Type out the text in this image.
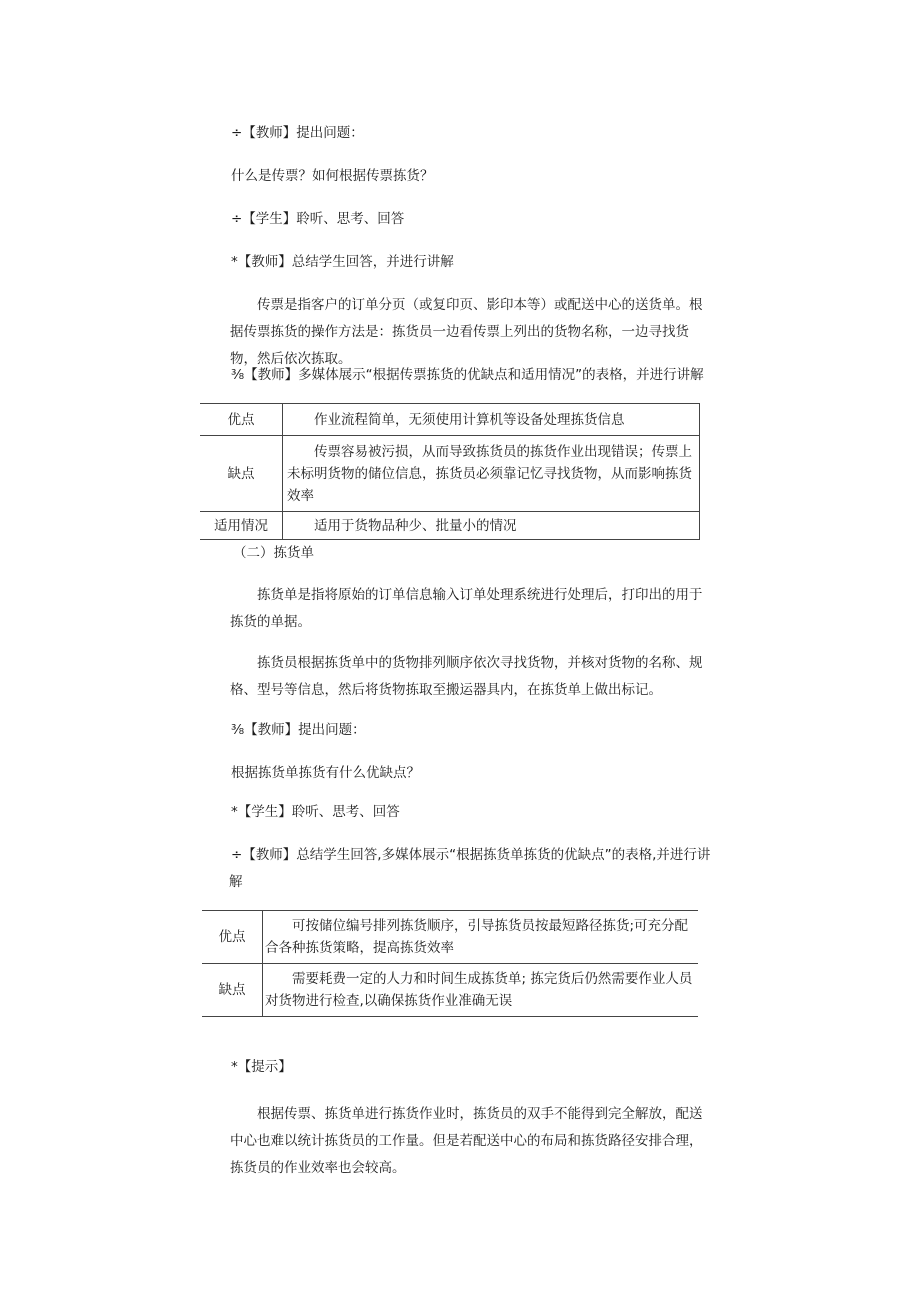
÷【教师】提出问题：
什么是传票？如何根据传票拣货？
÷【学生】聆听、思考、回答
*【教师】总结学生回答，并进行讲解
传票是指客户的订单分页（或复印页、影印本等）或配送中心的送货单。根据传票拣货的操作方法是：拣货员一边看传票上列出的货物名称，一边寻找货物，然后依次拣取。
⅜【教师】多媒体展示“根据传票拣货的优缺点和适用情况”的表格，并进行讲解
优点	作业流程简单，无须使用计算机等设备处理拣货信息
缺点	传票容易被污损，从而导致拣货员的拣货作业出现错误；传票上未标明货物的储位信息，拣货员必须靠记忆寻找货物，从而影响拣货效率
适用情况	适用于货物品种少、批量小的情况
（二）拣货单
拣货单是指将原始的订单信息输入订单处理系统进行处理后，打印出的用于拣货的单据。
拣货员根据拣货单中的货物排列顺序依次寻找货物，并核对货物的名称、规格、型号等信息，然后将货物拣取至搬运器具内，在拣货单上做出标记。
⅜【教师】提出问题：
根据拣货单拣货有什么优缺点？
*【学生】聆听、思考、回答
÷【教师】总结学生回答,多媒体展示“根据拣货单拣货的优缺点”的表格,并进行讲
解
优点	可按储位编号排列拣货顺序，引导拣货员按最短路径拣货;可充分配合各种拣货策略，提高拣货效率
缺点	需要耗费一定的人力和时间生成拣货单; 拣完货后仍然需要作业人员对货物进行检查,以确保拣货作业准确无误
*【提示】
根据传票、拣货单进行拣货作业时，拣货员的双手不能得到完全解放，配送中心也难以统计拣货员的工作量。但是若配送中心的布局和拣货路径安排合理，拣货员的作业效率也会较高。
